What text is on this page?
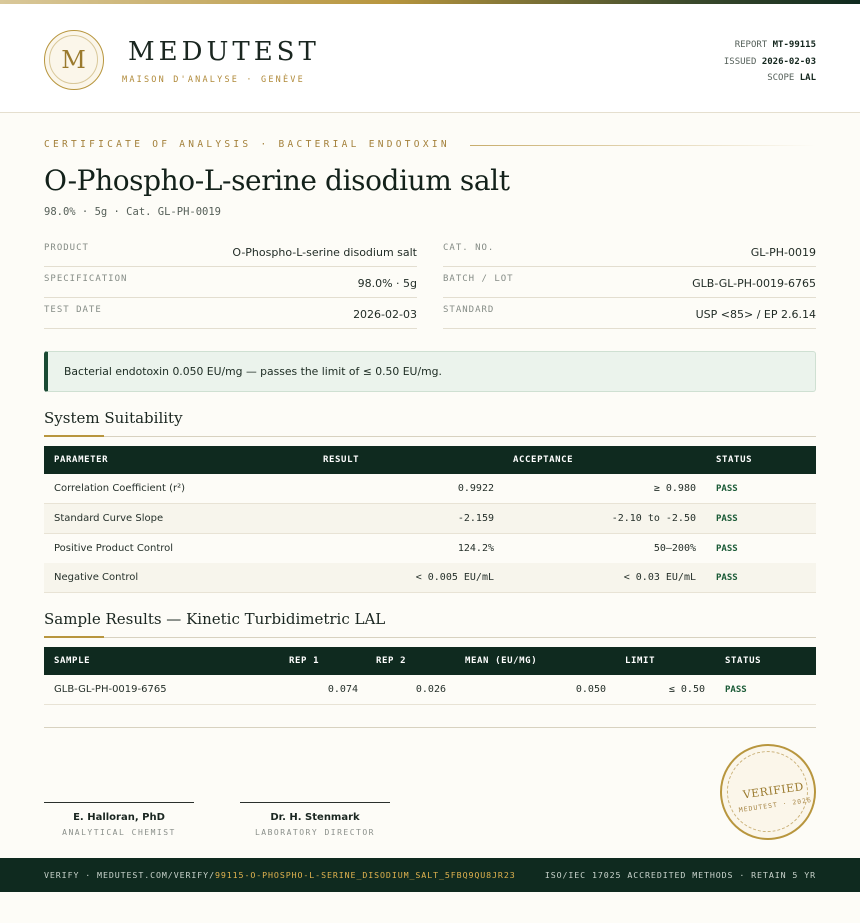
M	MEDUTEST
MAISON D'ANALYSE · GENÈVE
REPORT MT-99115
ISSUED 2026-02-03
SCOPE LAL
CERTIFICATE OF ANALYSIS · BACTERIAL ENDOTOXIN
O-Phospho-L-serine disodium salt
98.0% · 5g · Cat. GL-PH-0019
PRODUCT	O-Phospho-L-serine disodium salt
SPECIFICATION	98.0% · 5g
TEST DATE	2026-02-03
CAT. NO.	GL-PH-0019
BATCH / LOT	GLB-GL-PH-0019-6765
STANDARD	USP <85> / EP 2.6.14
Bacterial endotoxin 0.050 EU/mg — passes the limit of ≤ 0.50 EU/mg.
System Suitability
PARAMETER	RESULT	ACCEPTANCE	STATUS
Correlation Coefficient (r²)	0.9922	≥ 0.980 PASS
Standard Curve Slope	-2.159	-2.10 to -2.50 PASS
Positive Product Control	124.2%	50–200% PASS
Negative Control	< 0.005 EU/mL	< 0.03 EU/mL PASS
Sample Results — Kinetic Turbidimetric LAL
SAMPLE	REP 1	REP 2	MEAN (EU/MG)	LIMIT	STATUS
GLB-GL-PH-0019-6765	0.074	0.026	0.050	≤ 0.50 PASS
E. Halloran, PhD
ANALYTICAL CHEMIST
Dr. H. Stenmark
LABORATORY DIRECTOR
VERIFIED
MEDUTEST · 2026
VERIFY · MEDUTEST.COM/VERIFY/99115-O-PHOSPHO-L-SERINE_DISODIUM_SALT_5FBQ9QU8JR23	ISO/IEC 17025 ACCREDITED METHODS · RETAIN 5 YR
